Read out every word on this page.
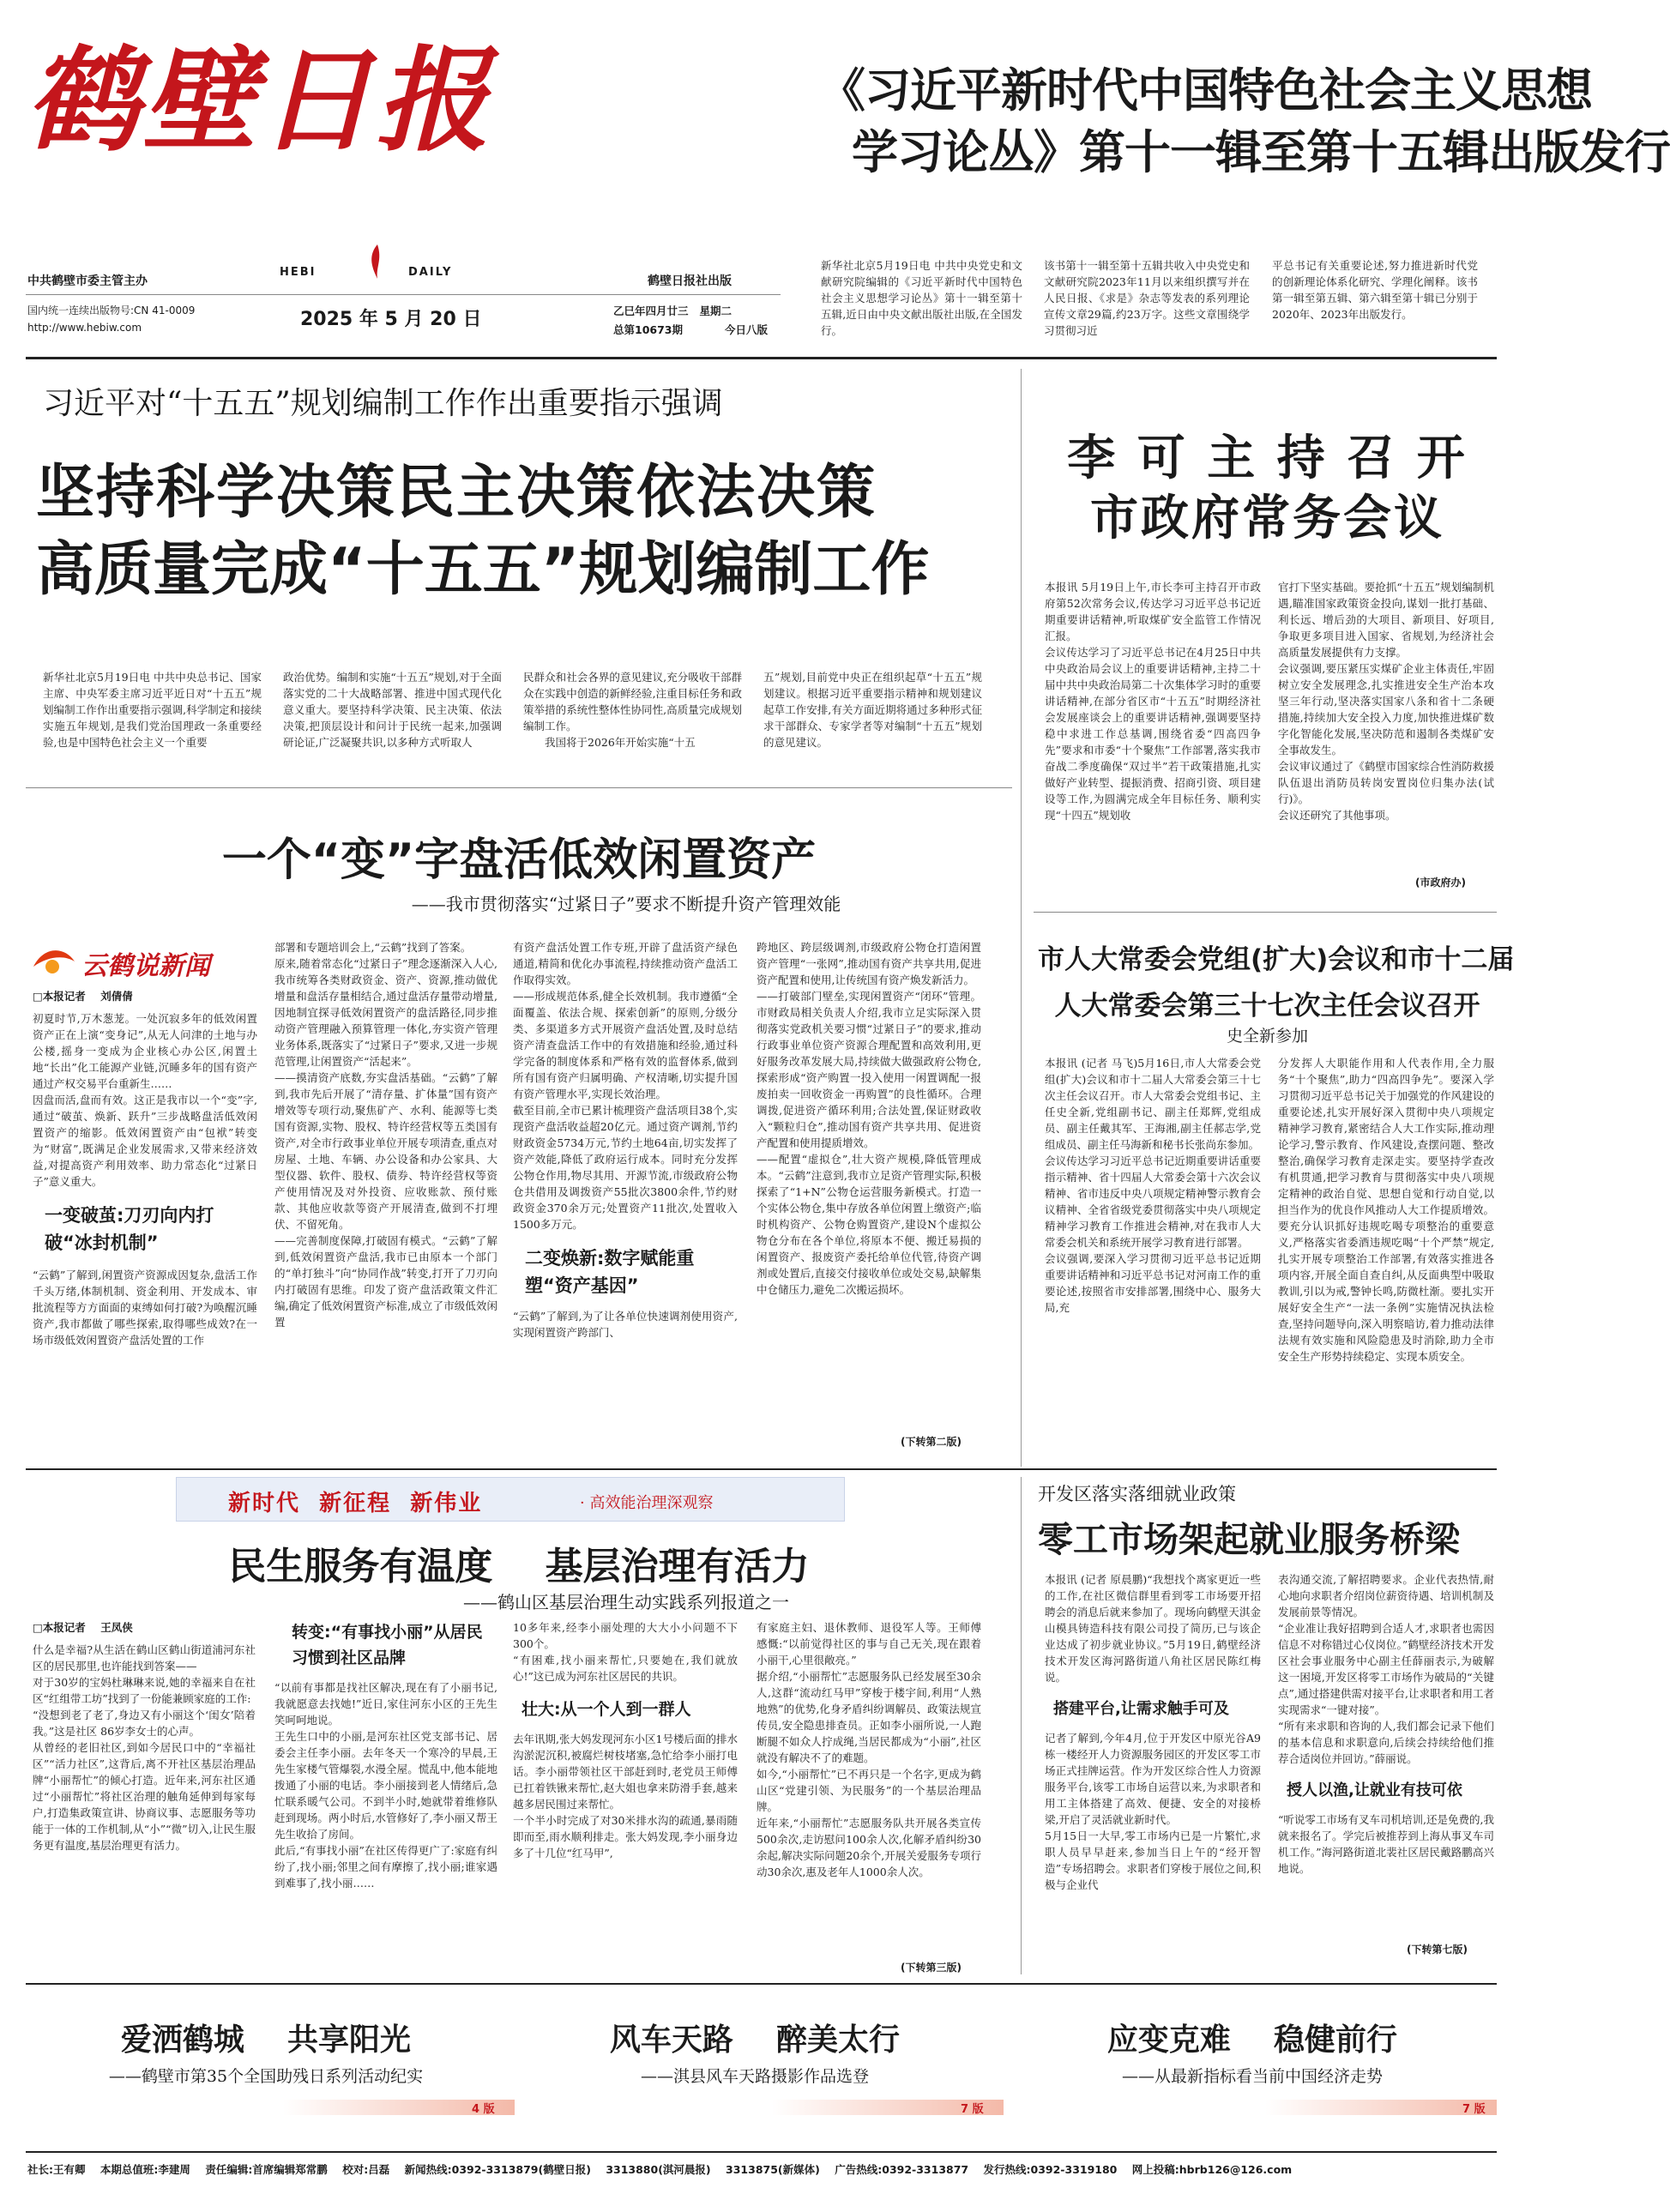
鹤壁日报
HEBI	DAILY
中共鹤壁市委主管主办	鹤壁日报社出版
国内统一连续出版物号:CN 41-0009
http://www.hebiw.com	2025 年 5 月 20 日	乙巳年四月廿三   星期二
总第10673期	今日八版
《习近平新时代中国特色社会主义思想
学习论丛》第十一辑至第十五辑出版发行
新华社北京5月19日电 中共中央党史和文献研究院编辑的《习近平新时代中国特色社会主义思想学习论丛》第十一辑至第十五辑,近日由中央文献出版社出版,在全国发行。
该书第十一辑至第十五辑共收入中央党史和文献研究院2023年11月以来组织撰写并在人民日报、《求是》杂志等发表的系列理论宣传文章29篇,约23万字。这些文章围绕学习贯彻习近
平总书记有关重要论述,努力推进新时代党的创新理论体系化研究、学理化阐释。该书第一辑至第五辑、第六辑至第十辑已分别于2020年、2023年出版发行。
习近平对“十五五”规划编制工作作出重要指示强调
坚持科学决策民主决策依法决策
高质量完成“十五五”规划编制工作
新华社北京5月19日电 中共中央总书记、国家主席、中央军委主席习近平近日对“十五五”规划编制工作作出重要指示强调,科学制定和接续实施五年规划,是我们党治国理政一条重要经验,也是中国特色社会主义一个重要
政治优势。编制和实施“十五五”规划,对于全面落实党的二十大战略部署、推进中国式现代化意义重大。要坚持科学决策、民主决策、依法决策,把顶层设计和问计于民统一起来,加强调研论证,广泛凝聚共识,以多种方式听取人
民群众和社会各界的意见建议,充分吸收干部群众在实践中创造的新鲜经验,注重目标任务和政策举措的系统性整体性协同性,高质量完成规划编制工作。
我国将于2026年开始实施“十五
五”规划,目前党中央正在组织起草“十五五”规划建议。根据习近平重要指示精神和规划建议起草工作安排,有关方面近期将通过多种形式征求干部群众、专家学者等对编制“十五五”规划的意见建议。
李 可 主 持 召 开
市政府常务会议
本报讯 5月19日上午,市长李可主持召开市政府第52次常务会议,传达学习习近平总书记近期重要讲话精神,听取煤矿安全监管工作情况汇报。
会议传达学习了习近平总书记在4月25日中共中央政治局会议上的重要讲话精神,主持二十届中共中央政治局第二十次集体学习时的重要讲话精神,在部分省区市“十五五”时期经济社会发展座谈会上的重要讲话精神,强调要坚持稳中求进工作总基调,围绕省委“四高四争先”要求和市委“十个聚焦”工作部署,落实我市奋战二季度确保“双过半”若干政策措施,扎实做好产业转型、提振消费、招商引资、项目建设等工作,为圆满完成全年目标任务、顺利实现“十四五”规划收
官打下坚实基础。要抢抓“十五五”规划编制机遇,瞄准国家政策资金投向,谋划一批打基础、利长远、增后劲的大项目、新项目、好项目,争取更多项目进入国家、省规划,为经济社会高质量发展提供有力支撑。
会议强调,要压紧压实煤矿企业主体责任,牢固树立安全发展理念,扎实推进安全生产治本攻坚三年行动,坚决落实国家八条和省十二条硬措施,持续加大安全投入力度,加快推进煤矿数字化智能化发展,坚决防范和遏制各类煤矿安全事故发生。
会议审议通过了《鹤壁市国家综合性消防救援队伍退出消防员转岗安置岗位归集办法(试行)》。
会议还研究了其他事项。
(市政府办)
一个“变”字盘活低效闲置资产
——我市贯彻落实“过紧日子”要求不断提升资产管理效能
云鹤说新闻
□本报记者    刘倩倩
初夏时节,万木葱茏。一处沉寂多年的低效闲置资产正在上演“变身记”,从无人问津的土地与办公楼,摇身一变成为企业核心办公区,闲置土地“长出”化工能源产业链,沉睡多年的国有资产通过产权交易平台重新生……
因盘而活,盘而有效。这正是我市以一个“变”字,通过“破茧、焕新、跃升”三步战略盘活低效闲置资产的缩影。低效闲置资产由“包袱”转变为“财富”,既满足企业发展需求,又带来经济效益,对提高资产利用效率、助力常态化“过紧日子”意义重大。
一变破茧:刀刃向内打破“冰封机制”
“云鹤”了解到,闲置资产资源成因复杂,盘活工作千头万绪,体制机制、资金利用、开发成本、审批流程等方方面面的束缚如何打破?为唤醒沉睡资产,我市都做了哪些探索,取得哪些成效?在一场市级低效闲置资产盘活处置的工作
部署和专题培训会上,“云鹤”找到了答案。
原来,随着常态化“过紧日子”理念逐渐深入人心,我市统筹各类财政资金、资产、资源,推动做优增量和盘活存量相结合,通过盘活存量带动增量,因地制宜探寻低效闲置资产的盘活路径,同步推动资产管理融入预算管理一体化,夯实资产管理业务体系,既落实了“过紧日子”要求,又进一步规范管理,让闲置资产“活起来”。
——摸清资产底数,夯实盘活基础。“云鹤”了解到,我市先后开展了“清存量、扩体量”国有资产增效等专项行动,聚焦矿产、水利、能源等七类国有资源,实物、股权、特许经营权等五类国有资产,对全市行政事业单位开展专项清查,重点对房屋、土地、车辆、办公设备和办公家具、大型仪器、软件、股权、债券、特许经营权等资产使用情况及对外投资、应收账款、预付账款、其他应收款等资产开展清查,做到不打埋伏、不留死角。
——完善制度保障,打破固有模式。“云鹤”了解到,低效闲置资产盘活,我市已由原本一个部门的“单打独斗”向“协同作战”转变,打开了刀刃向内打破固有思维。印发了资产盘活政策文件汇编,确定了低效闲置资产标准,成立了市级低效闲置
有资产盘活处置工作专班,开辟了盘活资产绿色通道,精简和优化办事流程,持续推动资产盘活工作取得实效。
——形成规范体系,健全长效机制。我市遵循“全面覆盖、依法合规、探索创新”的原则,分级分类、多渠道多方式开展资产盘活处置,及时总结资产清查盘活工作中的有效措施和经验,通过科学完备的制度体系和严格有效的监督体系,做到所有国有资产归属明确、产权清晰,切实提升国有资产管理水平,实现长效治理。
截至目前,全市已累计梳理资产盘活项目38个,实现资产盘活收益超20亿元。通过资产调剂,节约财政资金5734万元,节约土地64亩,切实发挥了资产效能,降低了政府运行成本。同时充分发挥公物仓作用,物尽其用、开源节流,市级政府公物仓共借用及调拨资产55批次3800余件,节约财政资金370余万元;处置资产11批次,处置收入1500多万元。
二变焕新:数字赋能重塑“资产基因”
“云鹤”了解到,为了让各单位快速调剂使用资产,实现闲置资产跨部门、
跨地区、跨层级调剂,市级政府公物仓打造闲置资产管理“一张网”,推动国有资产共享共用,促进资产配置和使用,让传统国有资产焕发新活力。
——打破部门壁垒,实现闲置资产“闭环”管理。市财政局相关负责人介绍,我市立足实际深入贯彻落实党政机关要习惯“过紧日子”的要求,推动行政事业单位资产资源合理配置和高效利用,更好服务改革发展大局,持续做大做强政府公物仓,探索形成“资产购置一投入使用一闲置调配一报废拍卖一回收资金一再购置”的良性循环。合理调拨,促进资产循环利用;合法处置,保证财政收入“颗粒归仓”,推动国有资产共享共用、促进资产配置和使用提质增效。
——配置“虚拟仓”,壮大资产规模,降低管理成本。“云鹤”注意到,我市立足资产管理实际,积极探索了“1+N”公物仓运营服务新模式。打造一个实体公物仓,集中存放各单位闲置上缴资产;临时机构资产、公物仓购置资产,建设N个虚拟公物仓分布在各个单位,将原本不便、搬迁易损的闲置资产、报废资产委托给单位代管,待资产调剂或处置后,直接交付接收单位或处交易,缺解集中仓储压力,避免二次搬运损坏。
(下转第二版)
市人大常委会党组(扩大)会议和市十二届
人大常委会第三十七次主任会议召开
史全新参加
本报讯 (记者 马飞)5月16日,市人大常委会党组(扩大)会议和市十二届人大常委会第三十七次主任会议召开。市人大常委会党组书记、主任史全新,党组副书记、副主任郑辉,党组成员、副主任戴其军、王海湘,副主任郝志学,党组成员、副主任马海新和秘书长张尚东参加。
会议传达学习习近平总书记近期重要讲话重要指示精神、省十四届人大常委会第十六次会议精神、省市违反中央八项规定精神警示教育会议精神、全省省级党委贯彻落实中央八项规定精神学习教育工作推进会精神,对在我市人大常委会机关和系统开展学习教育进行部署。
会议强调,要深入学习贯彻习近平总书记近期重要讲话精神和习近平总书记对河南工作的重要论述,按照省市安排部署,围绕中心、服务大局,充
分发挥人大职能作用和人代表作用,全力服务“十个聚焦”,助力“四高四争先”。要深入学习贯彻习近平总书记关于加强党的作风建设的重要论述,扎实开展好深入贯彻中央八项规定精神学习教育,紧密结合人大工作实际,推动理论学习,警示教育、作风建设,查摆问题、整改整治,确保学习教育走深走实。要坚持学查改有机贯通,把学习教育与贯彻落实中央八项规定精神的政治自觉、思想自觉和行动自觉,以担当作为的优良作风推动人大工作提质增效。要充分认识抓好违规吃喝专项整治的重要意义,严格落实省委酒违规吃喝“十个严禁”规定,扎实开展专项整治工作部署,有效落实推进各项内容,开展全面自查自纠,从反面典型中吸取教训,引以为戒,警钟长鸣,防微杜渐。要扎实开展好安全生产“一法一条例”实施情况执法检查,坚持问题导向,深入明察暗访,着力推动法律法规有效实施和风险隐患及时消除,助力全市安全生产形势持续稳定、实现本质安全。
新时代  新征程  新伟业	· 高效能治理深观察
民生服务有温度    基层治理有活力
——鹤山区基层治理生动实践系列报道之一
□本报记者    王凤侠
什么是幸福?从生活在鹤山区鹤山街道浦河东社区的居民那里,也许能找到答案——
对于30岁的宝妈杜琳琳来说,她的幸福来自在社区“红组带工坊”找到了一份能兼顾家庭的工作:
“没想到老了老了,身边又有小丽这个‘闺女’陪着我。”这是社区 86岁李女士的心声。
从曾经的老旧社区,到如今居民口中的“幸福社区”“活力社区”,这背后,离不开社区基层治理品牌“小丽帮忙”的倾心打造。近年来,河东社区通过“小丽帮忙”将社区治理的触角延伸到每家每户,打造集政策宣讲、协商议事、志愿服务等功能于一体的工作机制,从“小”“微”切入,让民生服务更有温度,基层治理更有活力。
转变:“有事找小丽”从居民习惯到社区品牌
“以前有事都是找社区解决,现在有了小丽书记,我就愿意去找她!”近日,家住河东小区的王先生笑呵呵地说。
王先生口中的小丽,是河东社区党支部书记、居委会主任李小丽。去年冬天一个寒冷的早晨,王先生家楼气管爆裂,水漫全屋。慌乱中,他本能地拨通了小丽的电话。李小丽接到老人情绪后,急忙联系暖气公司。不到半小时,她就带着维修队赶到现场。两小时后,水管修好了,李小丽又帮王先生收拾了房间。
此后,“有事找小丽”在社区传得更广了:家庭有纠纷了,找小丽;邻里之间有摩擦了,找小丽;谁家遇到难事了,找小丽……
10多年来,经李小丽处理的大大小小问题不下300个。
“有困难,找小丽来帮忙,只要她在,我们就放心!”这已成为河东社区居民的共识。
壮大:从一个人到一群人
去年讯期,张大妈发现河东小区1号楼后面的排水沟淤泥沉积,被腐烂树枝堵塞,急忙给李小丽打电话。李小丽带领社区干部赶到时,老党员王师傅已扛着铁锹来帮忙,赵大姐也拿来防滑手套,越来越多居民围过来帮忙。
一个半小时完成了对30米排水沟的疏通,暴雨随即而至,雨水顺利排走。张大妈发现,李小丽身边多了十几位“红马甲”,
有家庭主妇、退休教师、退役军人等。王师傅感慨:“以前觉得社区的事与自己无关,现在跟着小丽干,心里很敞亮。”
据介绍,“小丽帮忙”志愿服务队已经发展至30余人,这群“流动红马甲”穿梭于楼宇间,利用“人熟地熟”的优势,化身矛盾纠纷调解员、政策法规宣传员,安全隐患排查员。正如李小丽所说,一人跑断腿不如众人拧成绳,当居民都成为“小丽”,社区就没有解决不了的难题。
如今,“小丽帮忙”已不再只是一个名字,更成为鹤山区“党建引领、为民服务”的一个基层治理品牌。
近年来,“小丽帮忙”志愿服务队共开展各类宣传500余次,走访慰问100余人次,化解矛盾纠纷30余起,解决实际问题20余个,开展关爱服务专项行动30余次,惠及老年人1000余人次。
(下转第三版)
开发区落实落细就业政策
零工市场架起就业服务桥梁
本报讯 (记者 原晨鹏)“我想找个离家更近一些的工作,在社区微信群里看到零工市场要开招聘会的消息后就来参加了。现场向鹤壁天淇金山模具铸造科技有限公司投了简历,已与该企业达成了初步就业协议。”5月19日,鹤壁经济技术开发区海河路街道八角社区居民陈红梅说。
搭建平台,让需求触手可及
记者了解到,今年4月,位于开发区中原光谷A9栋一楼经开人力资源服务园区的开发区零工市场正式挂牌运营。作为开发区综合性人力资源服务平台,该零工市场自运营以来,为求职者和用工主体搭建了高效、便捷、安全的对接桥梁,开启了灵活就业新时代。
5月15日一大早,零工市场内已是一片繁忙,求职人员早早赶来,参加当日上午的“经开智造”专场招聘会。求职者们穿梭于展位之间,积极与企业代
表沟通交流,了解招聘要求。企业代表热情,耐心地向求职者介绍岗位薪资待遇、培训机制及发展前景等情况。
“企业准让我好招聘到合适人才,求职者也需因信息不对称错过心仪岗位。”鹤壁经济技术开发区社会事业服务中心副主任薛丽表示,为破解这一困境,开发区将零工市场作为破局的“关键点”,通过搭建供需对接平台,让求职者和用工者实现需求“一键对接”。
“所有来求职和咨询的人,我们都会记录下他们的基本信息和求职意向,后续会持续给他们推荐合适岗位并回访。”薛丽说。
授人以渔,让就业有技可依
“听说零工市场有叉车司机培训,还是免费的,我就来报名了。学完后被推荐到上海从事叉车司机工作。”海河路街道北裴社区居民戴路鹏高兴地说。
(下转第七版)
爱洒鹤城    共享阳光
——鹤壁市第35个全国助残日系列活动纪实
4 版
风车天路    醉美太行
——淇县风车天路摄影作品选登
7 版
应变克难    稳健前行
——从最新指标看当前中国经济走势
7 版
社长:王有卿    本期总值班:李建周    责任编辑:首席编辑郑常鹏    校对:吕磊    新闻热线:0392-3313879(鹤壁日报)    3313880(淇河晨报)    3313875(新媒体)    广告热线:0392-3313877    发行热线:0392-3319180    网上投稿:hbrb126@126.com
